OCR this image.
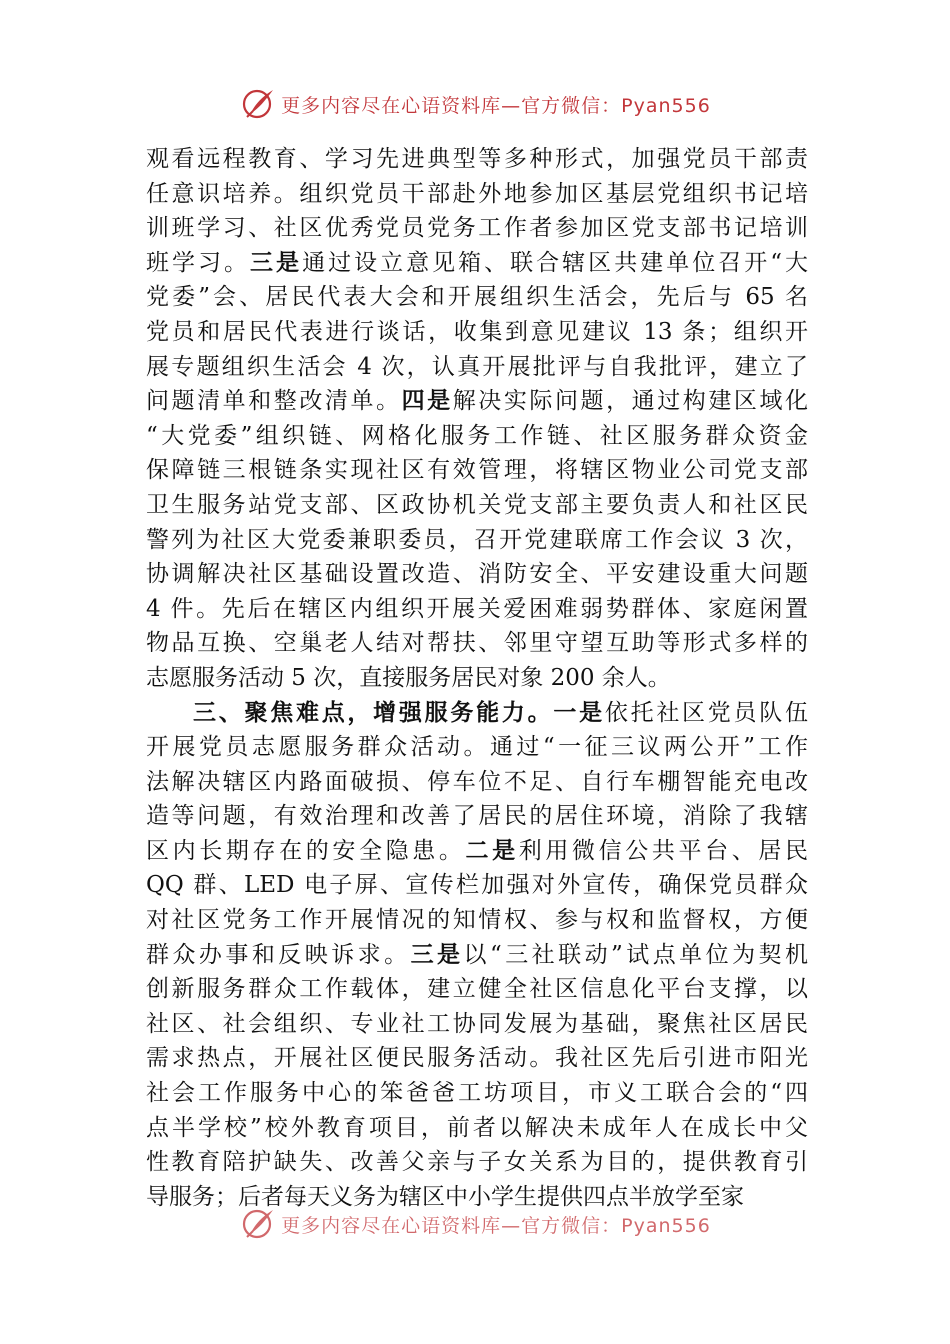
更多内容尽在心语资料库—官方微信：Pyan556
观看远程教育、学习先进典型等多种形式，加强党员干部责
任意识培养。组织党员干部赴外地参加区基层党组织书记培
训班学习、社区优秀党员党务工作者参加区党支部书记培训
班学习。三是通过设立意见箱、联合辖区共建单位召开“大
党委”会、居民代表大会和开展组织生活会，先后与 65 名
党员和居民代表进行谈话，收集到意见建议 13 条；组织开
展专题组织生活会 4 次，认真开展批评与自我批评，建立了
问题清单和整改清单。四是解决实际问题，通过构建区域化
“大党委”组织链、网格化服务工作链、社区服务群众资金
保障链三根链条实现社区有效管理，将辖区物业公司党支部
卫生服务站党支部、区政协机关党支部主要负责人和社区民
警列为社区大党委兼职委员，召开党建联席工作会议 3 次，
协调解决社区基础设置改造、消防安全、平安建设重大问题
4 件。先后在辖区内组织开展关爱困难弱势群体、家庭闲置
物品互换、空巢老人结对帮扶、邻里守望互助等形式多样的
志愿服务活动 5 次，直接服务居民对象 200 余人。
三、聚焦难点，增强服务能力。一是依托社区党员队伍
开展党员志愿服务群众活动。通过“一征三议两公开”工作
法解决辖区内路面破损、停车位不足、自行车棚智能充电改
造等问题，有效治理和改善了居民的居住环境，消除了我辖
区内长期存在的安全隐患。二是利用微信公共平台、居民
QQ 群、LED 电子屏、宣传栏加强对外宣传，确保党员群众
对社区党务工作开展情况的知情权、参与权和监督权，方便
群众办事和反映诉求。三是以“三社联动”试点单位为契机
创新服务群众工作载体，建立健全社区信息化平台支撑，以
社区、社会组织、专业社工协同发展为基础，聚焦社区居民
需求热点，开展社区便民服务活动。我社区先后引进市阳光
社会工作服务中心的笨爸爸工坊项目，市义工联合会的“四
点半学校”校外教育项目，前者以解决未成年人在成长中父
性教育陪护缺失、改善父亲与子女关系为目的，提供教育引
导服务；后者每天义务为辖区中小学生提供四点半放学至家
更多内容尽在心语资料库—官方微信：Pyan556
